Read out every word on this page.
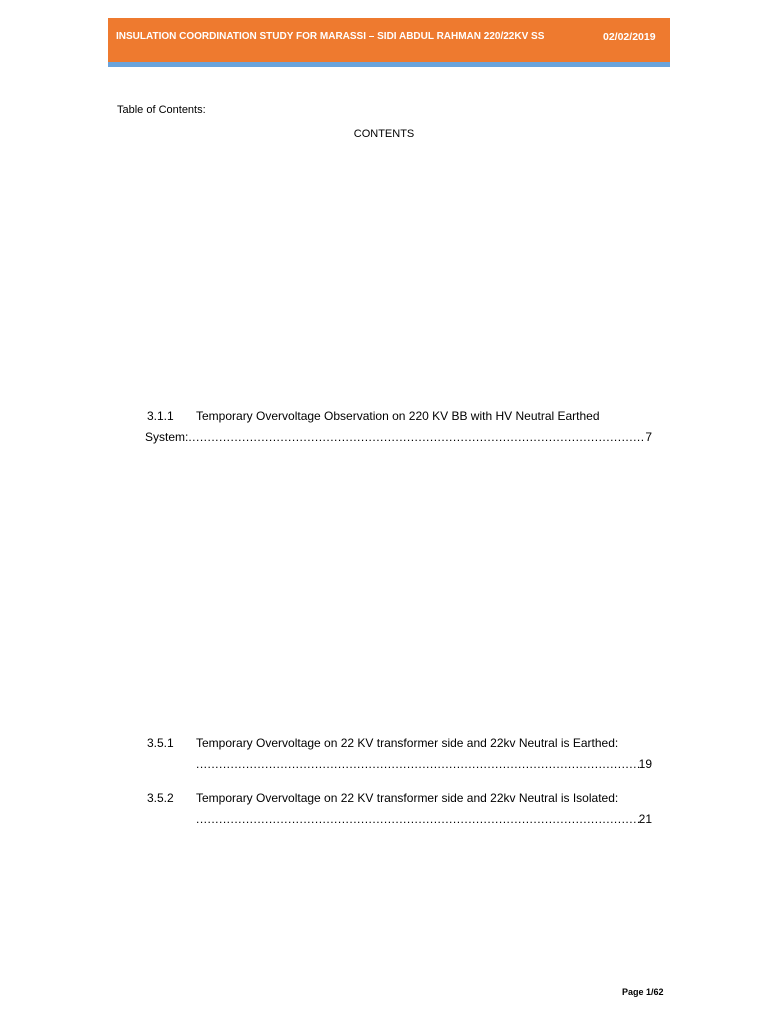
INSULATION COORDINATION STUDY FOR MARASSI – SIDI ABDUL RAHMAN 220/22KV SS	02/02/2019
Table of Contents:
CONTENTS
3.1.1 Temporary Overvoltage Observation on 220 KV BB with HV Neutral Earthed
System:
.....	7
3.5.1 Temporary Overvoltage on 22 KV transformer side and 22kv Neutral is Earthed:
.....
19
3.5.2 Temporary Overvoltage on 22 KV transformer side and 22kv Neutral is Isolated:
.....
21
Page 1/62
